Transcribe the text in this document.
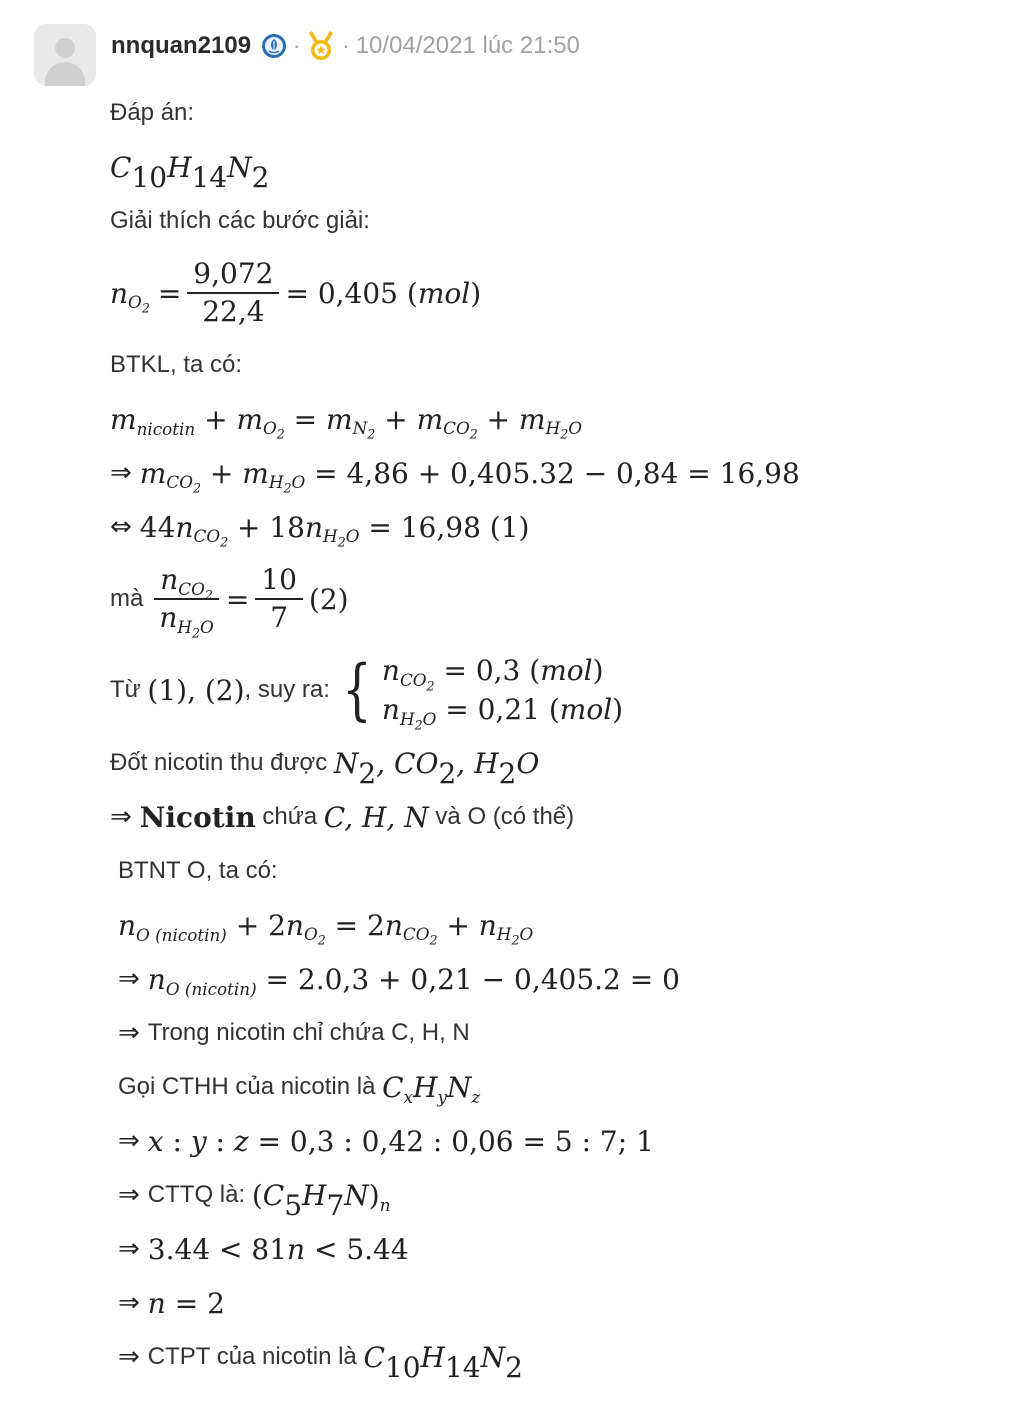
nnquan2109 · · 10/04/2021 lúc 21:50
Đáp án:
$C_{10}H_{14}N_2$
Giải thích các bước giải:
$n_{O_2} = \frac{9,072}{22,4} = 0,405$ ( mol )
BTKL, ta có:
$m_{nicotin} + m_{O_2} = m_{N_2} + m_{CO_2} + m_{H_2O}$
⇒ $m_{CO_2} + m_{H_2O} = 4,86 + 0,405.32 - 0,84 = 16,98$
⇔ 44 $n_{CO_2} + 18$ $n_{H_2O} = 16,98$ (1)
mà $\frac{n_{CO_2}}{n_{H_2O}} = \frac{10}{7} (2)$
Từ
(1), (2) , suy ra: { $n_{CO_2} = 0,3$ (mol)
$n_{H_2O} = 0,21$ (mol)
Đốt nicotin thu được
$N_2$, $CO_2$, $H_2O$
⇒ Nicotin
chứa
C, H, N
và O (có thể)
BTNT O, ta có:
$n_{O (nicotin)} + 2$ $n_{O_2} = 2$ $n_{CO_2} + n_{H_2O}$
⇒ $n_{O (nicotin)} = 2.0,3 + 0,21 - 0,405.2 = 0$
⇒ Trong nicotin chỉ chứa C, H, N
Gọi CTHH của nicotin là
$C_xH_yN_z$
⇒ x : y : z = 0,3 : 0,42 : 0,06 = 5 : 7; 1
⇒ CTTQ là:
$(C_5H_7N)_n$
⇒ 3.44 < 81 n < 5.44
⇒ n = 2
⇒ CTPT của nicotin là
$C_{10}H_{14}N_2$
